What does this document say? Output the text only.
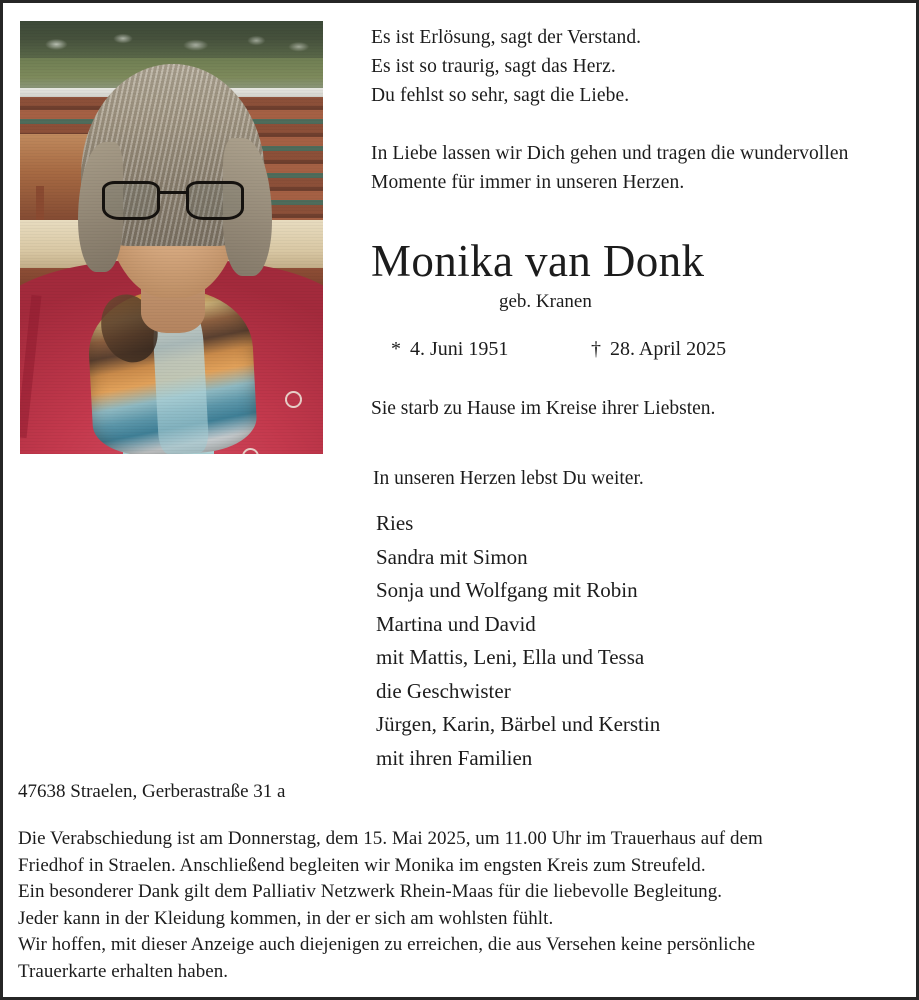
Es ist Erlösung, sagt der Verstand.

Es ist so traurig, sagt das Herz.

Du fehlst so sehr, sagt die Liebe.

In Liebe lassen wir Dich gehen und tragen die wundervollen

Momente für immer in unseren Herzen.

Monika van Donk

geb. Kranen

* 4. Juni 1951	† 28. April 2025

Sie starb zu Hause im Kreise ihrer Liebsten.

In unseren Herzen lebst Du weiter.

Ries
Sandra mit Simon
Sonja und Wolfgang mit Robin
Martina und David
mit Mattis, Leni, Ella und Tessa
die Geschwister
Jürgen, Karin, Bärbel und Kerstin
mit ihren Familien

47638 Straelen, Gerberastraße 31 a

Die Verabschiedung ist am Donnerstag, dem 15. Mai 2025, um 11.00 Uhr im Trauerhaus auf dem

Friedhof in Straelen. Anschließend begleiten wir Monika im engsten Kreis zum Streufeld.

Ein besonderer Dank gilt dem Palliativ Netzwerk Rhein-Maas für die liebevolle Begleitung.

Jeder kann in der Kleidung kommen, in der er sich am wohlsten fühlt.

Wir hoffen, mit dieser Anzeige auch diejenigen zu erreichen, die aus Versehen keine persönliche

Trauerkarte erhalten haben.
